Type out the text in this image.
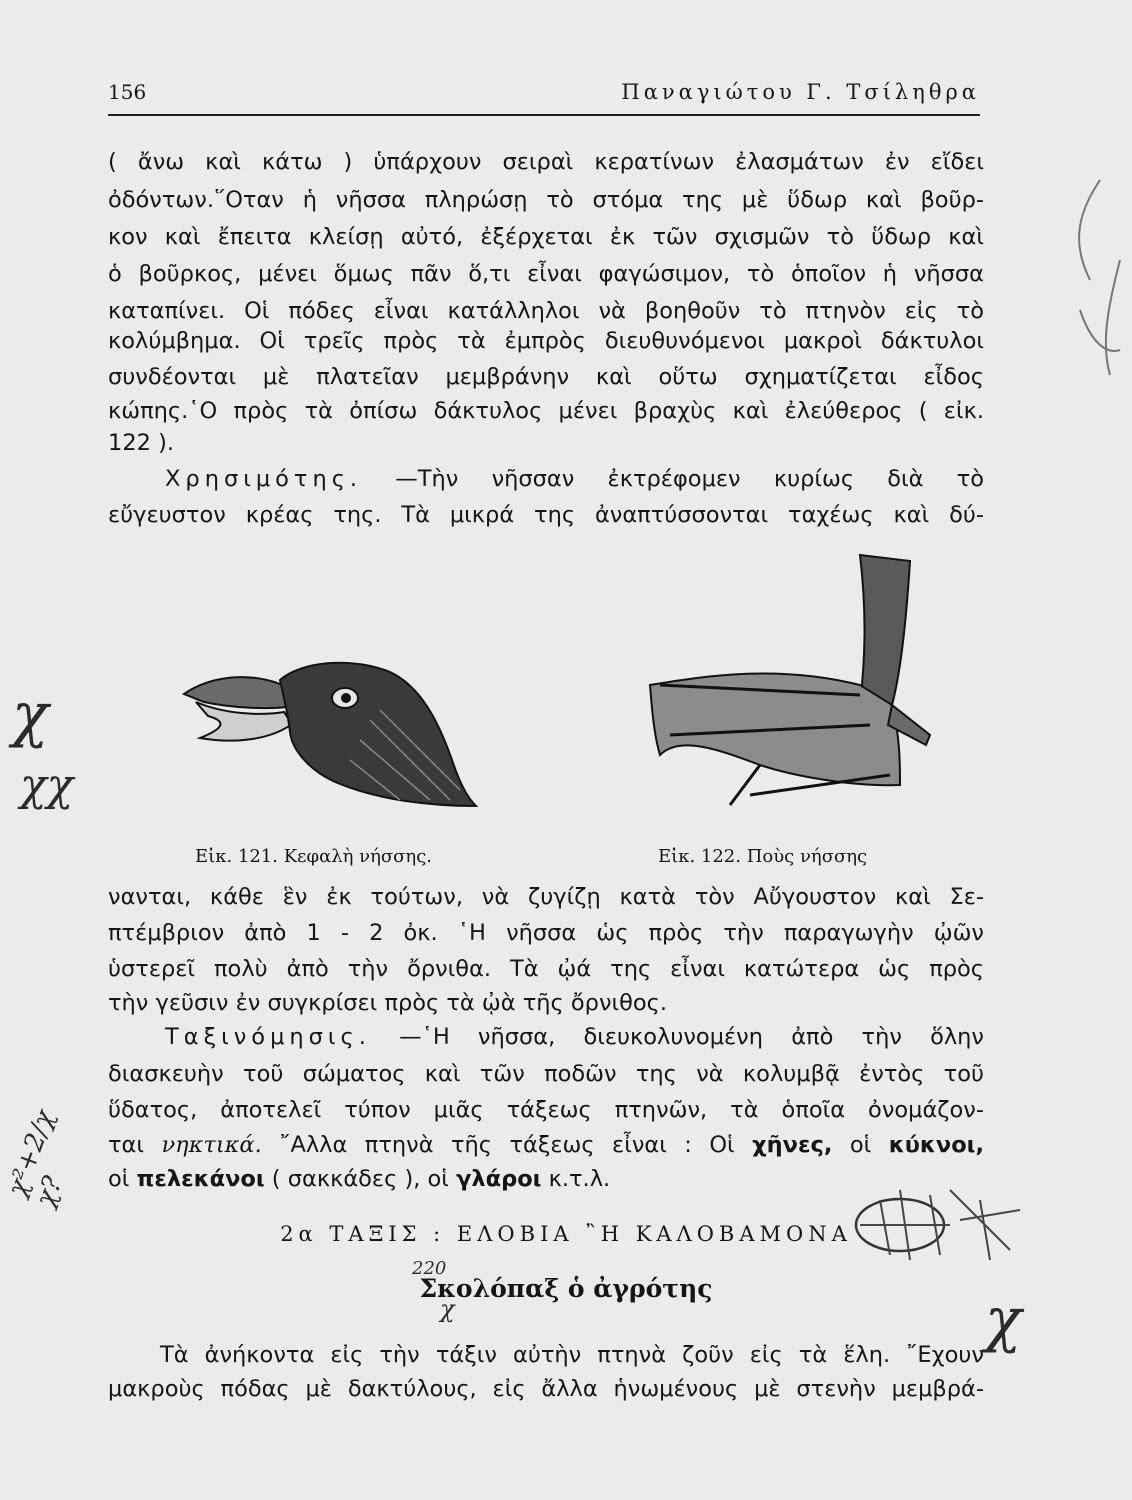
156	Παναγιώτου Γ. Τσίληθρα
( ἄνω καὶ κάτω ) ὑπάρχουν σειραὶ κερατίνων ἐλασμάτων ἐν εἴδει
ὀδόντων.῞Οταν ἡ νῆσσα πληρώσῃ τὸ στόμα της μὲ ὕδωρ καὶ βοῦρ-
κον καὶ ἔπειτα κλείσῃ αὐτό, ἐξέρχεται ἐκ τῶν σχισμῶν τὸ ὕδωρ καὶ
ὁ βοῦρκος, μένει ὅμως πᾶν ὅ,τι εἶναι φαγώσιμον, τὸ ὁποῖον ἡ νῆσσα
καταπίνει. Οἱ πόδες εἶναι κατάλληλοι νὰ βοηθοῦν τὸ πτηνὸν εἰς τὸ
κολύμβημα. Οἱ τρεῖς πρὸς τὰ ἐμπρὸς διευθυνόμενοι μακροὶ δάκτυλοι
συνδέονται μὲ πλατεῖαν μεμβράνην καὶ οὕτω σχηματίζεται εἶδος
κώπης.῾Ο πρὸς τὰ ὀπίσω δάκτυλος μένει βραχὺς καὶ ἐλεύθερος ( εἰκ.
122 ).
Χρησιμότης. —Τὴν νῆσσαν ἐκτρέφομεν κυρίως διὰ τὸ
εὔγευστον κρέας της. Τὰ μικρά της ἀναπτύσσονται ταχέως καὶ δύ-
Εἰκ. 121. Κεφαλὴ νήσσης.	Εἰκ. 122. Ποὺς νήσσης
νανται, κάθε ἓν ἐκ τούτων, νὰ ζυγίζῃ κατὰ τὸν Αὔγουστον καὶ Σε-
πτέμβριον ἀπὸ 1 - 2 ὀκ. ῾Η νῆσσα ὡς πρὸς τὴν παραγωγὴν ᾠῶν
ὑστερεῖ πολὺ ἀπὸ τὴν ὄρνιθα. Τὰ ᾠά της εἶναι κατώτερα ὡς πρὸς
τὴν γεῦσιν ἐν συγκρίσει πρὸς τὰ ᾠὰ τῆς ὄρνιθος.
Ταξινόμησις. —῾Η νῆσσα, διευκολυνομένη ἀπὸ τὴν ὅλην
διασκευὴν τοῦ σώματος καὶ τῶν ποδῶν της νὰ κολυμβᾷ ἐντὸς τοῦ
ὕδατος, ἀποτελεῖ τύπον μιᾶς τάξεως πτηνῶν, τὰ ὁποῖα ὀνομάζον-
ται νηκτικά. ῎Αλλα πτηνὰ τῆς τάξεως εἶναι : Οἱ χῆνες, οἱ κύκνοι,
οἱ πελεκάνοι ( σακκάδες ), οἱ γλάροι κ.τ.λ.
2α ΤΑΞΙΣ : ΕΛΟΒΙΑ ῍Η ΚΑΛΟΒΑΜΟΝΑ
Σκολόπαξ ὁ ἀγρότης
Τὰ ἀνήκοντα εἰς τὴν τάξιν αὐτὴν πτηνὰ ζοῦν εἰς τὰ ἕλη. ῎Εχουν
μακροὺς πόδας μὲ δακτύλους, εἰς ἄλλα ἡνωμένους μὲ στενὴν μεμβρά-
χ
χχ
χ²+2/χ χ?
χ
χ
220
